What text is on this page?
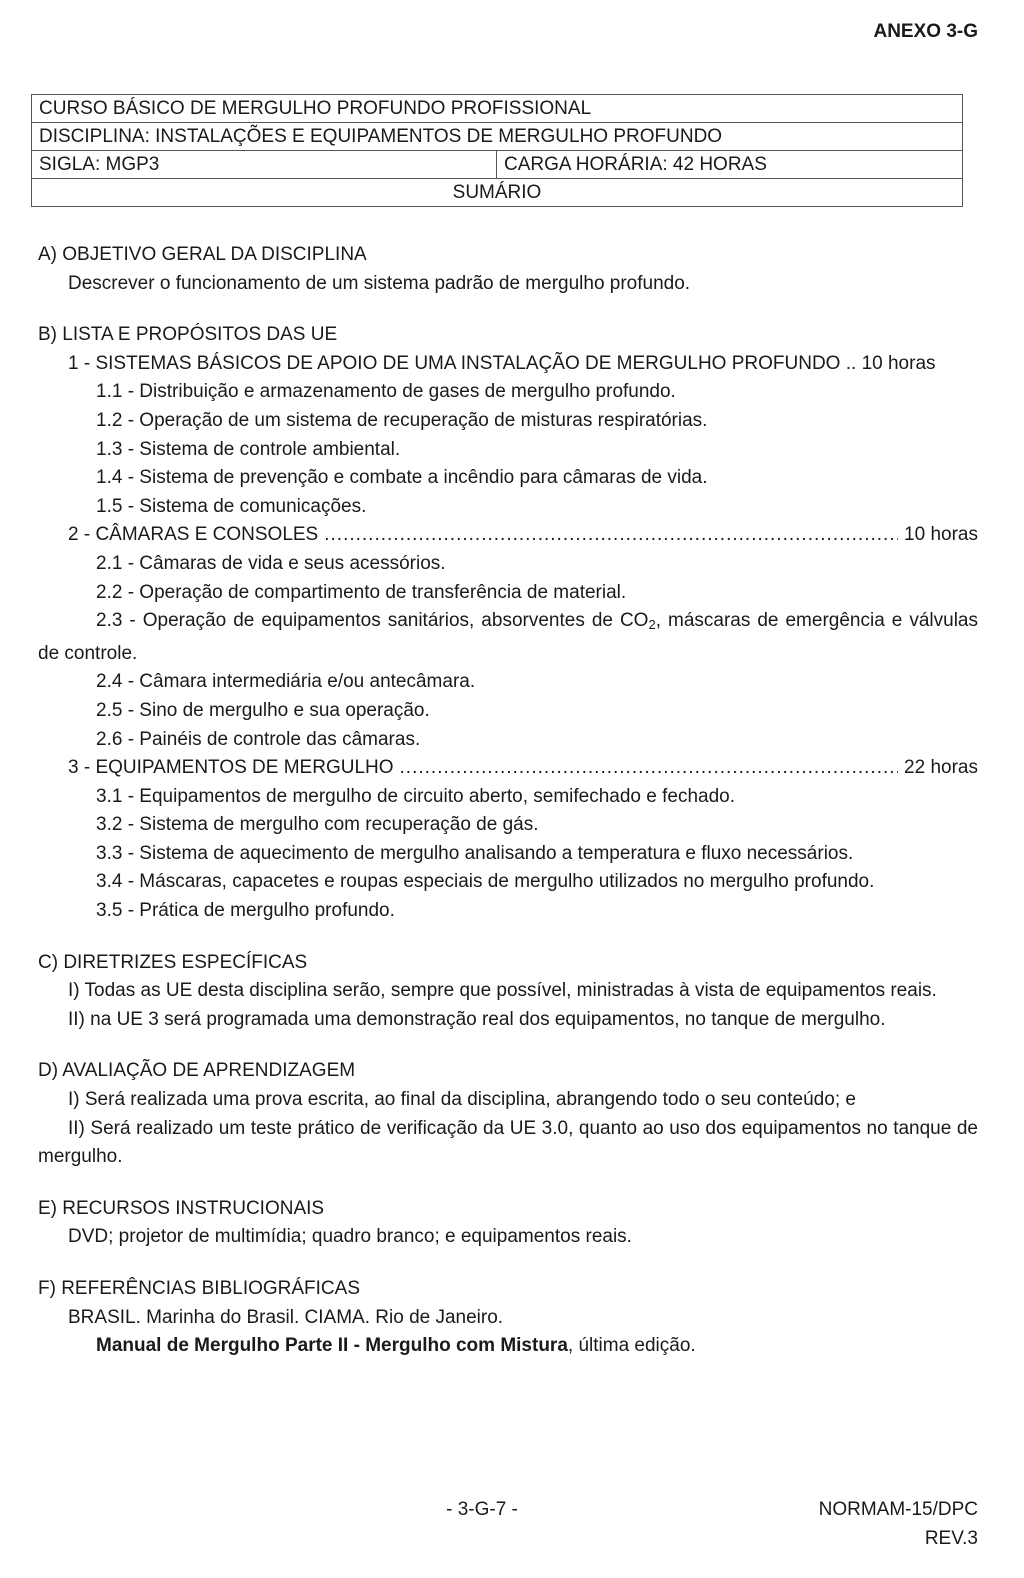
ANEXO 3-G
CURSO BÁSICO DE MERGULHO PROFUNDO PROFISSIONAL
DISCIPLINA: INSTALAÇÕES E EQUIPAMENTOS DE MERGULHO PROFUNDO
SIGLA: MGP3	CARGA HORÁRIA: 42 HORAS
SUMÁRIO
A) OBJETIVO GERAL DA DISCIPLINA
Descrever o funcionamento de um sistema padrão de mergulho profundo.
B) LISTA E PROPÓSITOS DAS UE
1 - SISTEMAS BÁSICOS DE APOIO DE UMA INSTALAÇÃO DE MERGULHO PROFUNDO .. 10 horas
1.1 - Distribuição e armazenamento de gases de mergulho profundo.
1.2 - Operação de um sistema de recuperação de misturas respiratórias.
1.3 - Sistema de controle ambiental.
1.4 - Sistema de prevenção e combate a incêndio para câmaras de vida.
1.5 - Sistema de comunicações.
2 - CÂMARAS E CONSOLES .....	10 horas
2.1 - Câmaras de vida e seus acessórios.
2.2 - Operação de compartimento de transferência de material.
2.3 - Operação de equipamentos sanitários, absorventes de $CO_2$, máscaras de emergência e válvulas de controle.
2.4 - Câmara intermediária e/ou antecâmara.
2.5 - Sino de mergulho e sua operação.
2.6 - Painéis de controle das câmaras.
3 - EQUIPAMENTOS DE MERGULHO .....	22 horas
3.1 - Equipamentos de mergulho de circuito aberto, semifechado e fechado.
3.2 - Sistema de mergulho com recuperação de gás.
3.3 - Sistema de aquecimento de mergulho analisando a temperatura e fluxo necessários.
3.4 - Máscaras, capacetes e roupas especiais de mergulho utilizados no mergulho profundo.
3.5 - Prática de mergulho profundo.
C) DIRETRIZES ESPECÍFICAS
I) Todas as UE desta disciplina serão, sempre que possível, ministradas à vista de equipamentos reais.
II) na UE 3 será programada uma demonstração real dos equipamentos, no tanque de mergulho.
D) AVALIAÇÃO DE APRENDIZAGEM
I) Será realizada uma prova escrita, ao final da disciplina, abrangendo todo o seu conteúdo; e
II) Será realizado um teste prático de verificação da UE 3.0, quanto ao uso dos equipamentos no tanque de mergulho.
E) RECURSOS INSTRUCIONAIS
DVD; projetor de multimídia; quadro branco; e equipamentos reais.
F) REFERÊNCIAS BIBLIOGRÁFICAS
BRASIL. Marinha do Brasil. CIAMA. Rio de Janeiro.
Manual de Mergulho Parte II - Mergulho com Mistura, última edição.
- 3-G-7 -	NORMAM-15/DPC
REV.3
